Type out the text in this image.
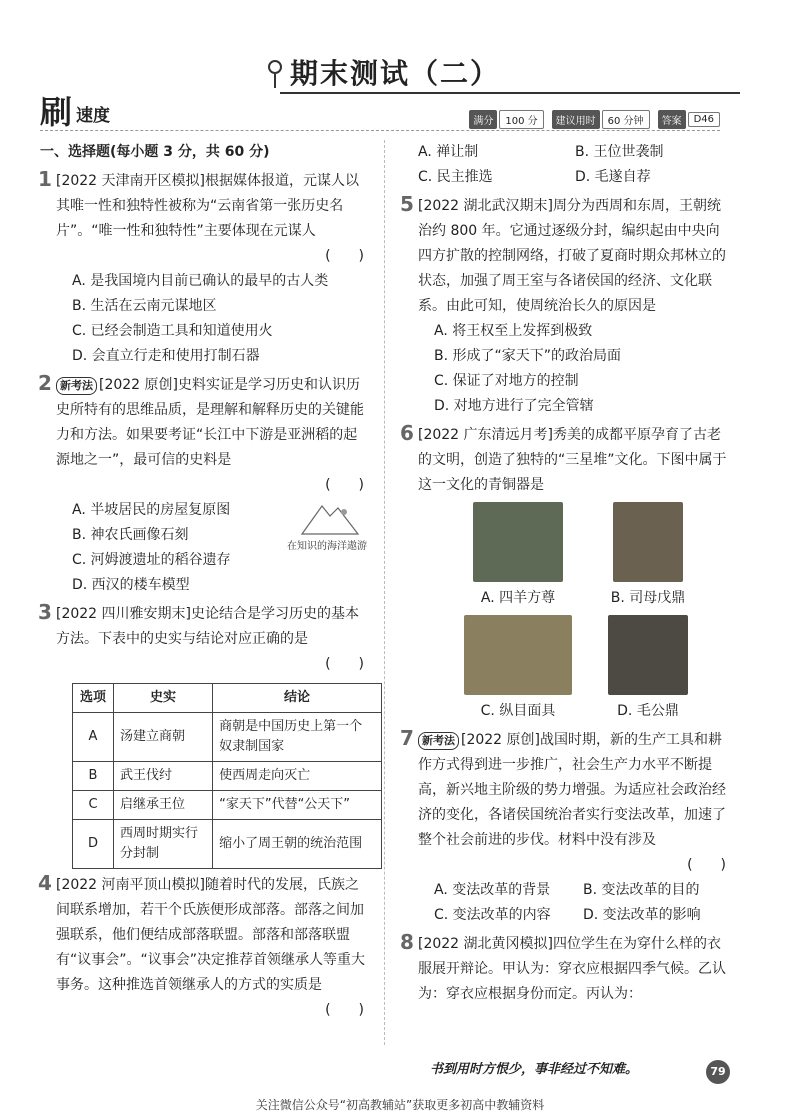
期末测试（二）
刷 速度	满分	100 分	建议用时	60 分钟	答案	D46

一、选择题(每小题 3 分，共 60 分)

1 [2022 天津南开区模拟]根据媒体报道，元谋人以其唯一性和独特性被称为“云南省第一张历史名片”。“唯一性和独特性”主要体现在元谋人

(　　)

A. 是我国境内目前已确认的最早的古人类

B. 生活在云南元谋地区

C. 已经会制造工具和知道使用火

D. 会直立行走和使用打制石器

2 新考法 [2022 原创]史料实证是学习历史和认识历史所特有的思维品质，是理解和解释历史的关键能力和方法。如果要考证“长江中下游是亚洲稻的起源地之一”，最可信的史料是

(　　)

A. 半坡居民的房屋复原图

B. 神农氏画像石刻

C. 河姆渡遗址的稻谷遗存

D. 西汉的楼车模型

3 [2022 四川雅安期末]史论结合是学习历史的基本方法。下表中的史实与结论对应正确的是

(　　)

选项	史实	结论
A	汤建立商朝	商朝是中国历史上第一个奴隶制国家
B	武王伐纣	使西周走向灭亡
C	启继承王位	“家天下”代替“公天下”
D	西周时期实行分封制	缩小了周王朝的统治范围
4 [2022 河南平顶山模拟]随着时代的发展，氏族之间联系增加，若干个氏族便形成部落。部落之间加强联系，他们便结成部落联盟。部落和部落联盟有“议事会”。“议事会”决定推荐首领继承人等重大事务。这种推选首领继承人的方式的实质是

(　　)

在知识的海洋遨游
A. 禅让制	B. 王位世袭制
C. 民主推选	D. 毛遂自荐
5 [2022 湖北武汉期末]周分为西周和东周，王朝统治约 800 年。它通过逐级分封，编织起由中央向四方扩散的控制网络，打破了夏商时期众邦林立的状态，加强了周王室与各诸侯国的经济、文化联系。由此可知，使周统治长久的原因是

A. 将王权至上发挥到极致

B. 形成了“家天下”的政治局面

C. 保证了对地方的控制

D. 对地方进行了完全管辖

6 [2022 广东清远月考]秀美的成都平原孕育了古老的文明，创造了独特的“三星堆”文化。下图中属于这一文化的青铜器是

A. 四羊方尊	B. 司母戊鼎
C. 纵目面具	D. 毛公鼎
7 新考法 [2022 原创]战国时期，新的生产工具和耕作方式得到进一步推广，社会生产力水平不断提高，新兴地主阶级的势力增强。为适应社会政治经济的变化，各诸侯国统治者实行变法改革，加速了整个社会前进的步伐。材料中没有涉及

(　　)

A. 变法改革的背景	B. 变法改革的目的
C. 变法改革的内容	D. 变法改革的影响
8 [2022 湖北黄冈模拟]四位学生在为穿什么样的衣服展开辩论。甲认为：穿衣应根据四季气候。乙认为：穿衣应根据身份而定。丙认为：

书到用时方恨少，事非经过不知难。	79
关注微信公众号“初高教辅站”获取更多初高中教辅资料
